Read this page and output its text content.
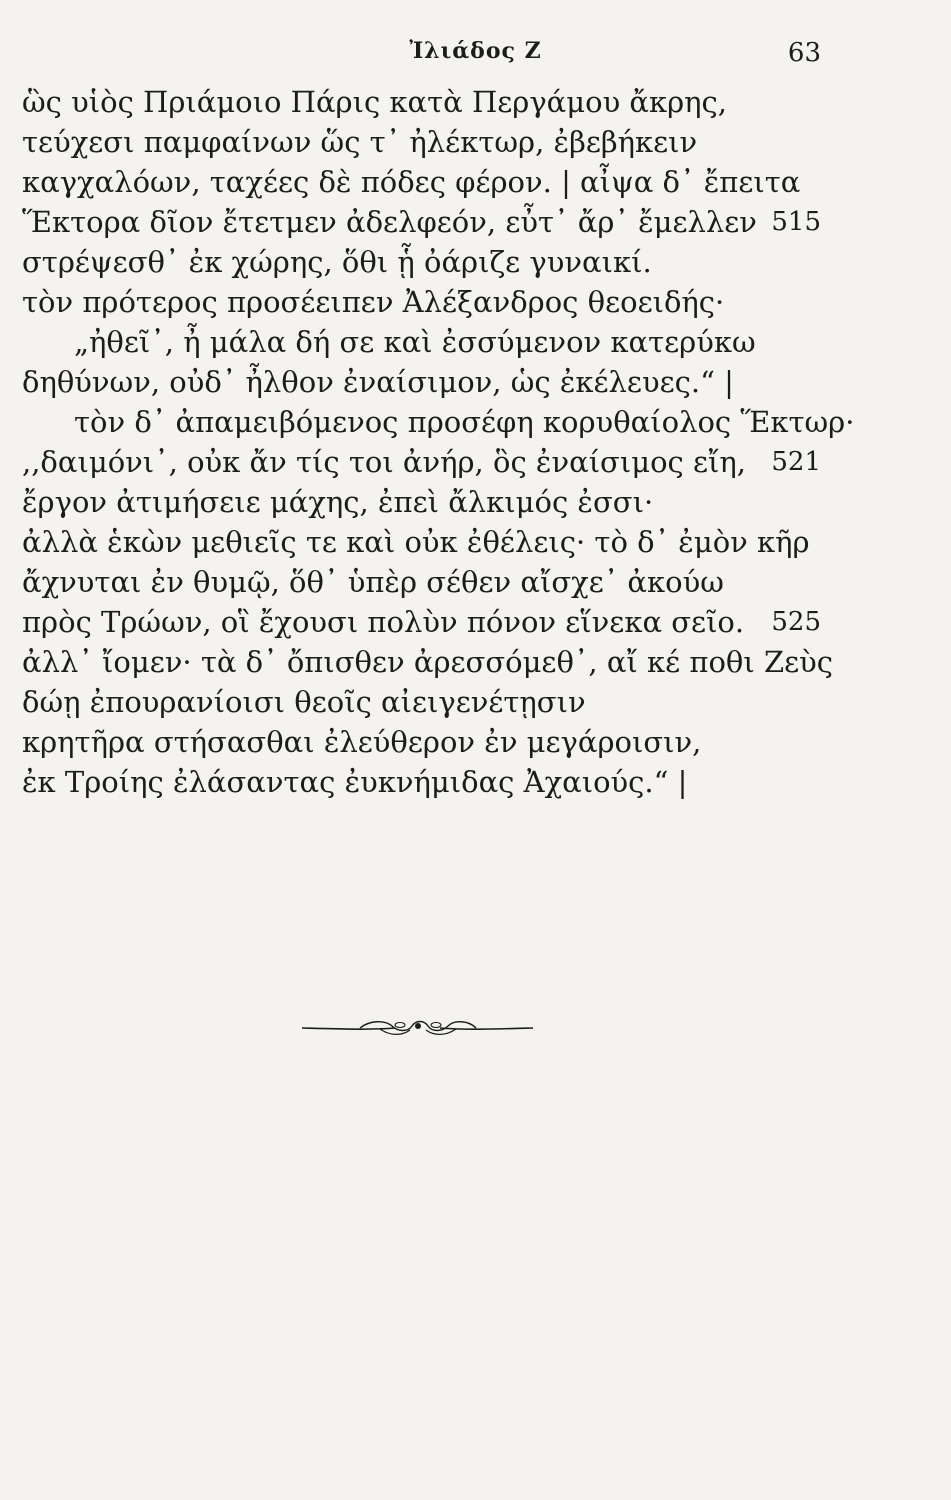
Ἰλιάδος Ζ	63
ὣς υἱὸς Πριάμοιο Πάρις κατὰ Περγάμου ἄκρης,
τεύχεσι παμφαίνων ὥς τ᾽ ἠλέκτωρ, ἐβεβήκειν
καγχαλόων, ταχέες δὲ πόδες φέρον. | αἶψα δ᾽ ἔπειτα
Ἕκτορα δῖον ἔτετμεν ἀδελφεόν, εὖτ᾽ ἄρ᾽ ἔμελλεν 515
στρέψεσθ᾽ ἐκ χώρης, ὅθι ᾗ ὀάριζε γυναικί.
τὸν πρότερος προσέειπεν Ἀλέξανδρος θεοειδής·
„ἠθεῖ᾽, ἦ μάλα δή σε καὶ ἐσσύμενον κατερύκω
δηθύνων, οὐδ᾽ ἦλθον ἐναίσιμον, ὡς ἐκέλευες.“ |
τὸν δ᾽ ἀπαμειβόμενος προσέφη κορυθαίολος Ἕκτωρ·
,,δαιμόνι᾽, οὐκ ἄν τίς τοι ἀνήρ, ὃς ἐναίσιμος εἴη, 521
ἔργον ἀτιμήσειε μάχης, ἐπεὶ ἄλκιμός ἐσσι·
ἀλλὰ ἑκὼν μεθιεῖς τε καὶ οὐκ ἐθέλεις· τὸ δ᾽ ἐμὸν κῆρ
ἄχνυται ἐν θυμῷ, ὅθ᾽ ὑπὲρ σέθεν αἴσχε᾽ ἀκούω
πρὸς Τρώων, οἳ ἔχουσι πολὺν πόνον εἵνεκα σεῖο. 525
ἀλλ᾽ ἴομεν· τὰ δ᾽ ὄπισθεν ἀρεσσόμεθ᾽, αἴ κέ ποθι Ζεὺς
δώῃ ἐπουρανίοισι θεοῖς αἰειγενέτῃσιν
κρητῆρα στήσασθαι ἐλεύθερον ἐν μεγάροισιν,
ἐκ Τροίης ἐλάσαντας ἐυκνήμιδας Ἀχαιούς.“ |
